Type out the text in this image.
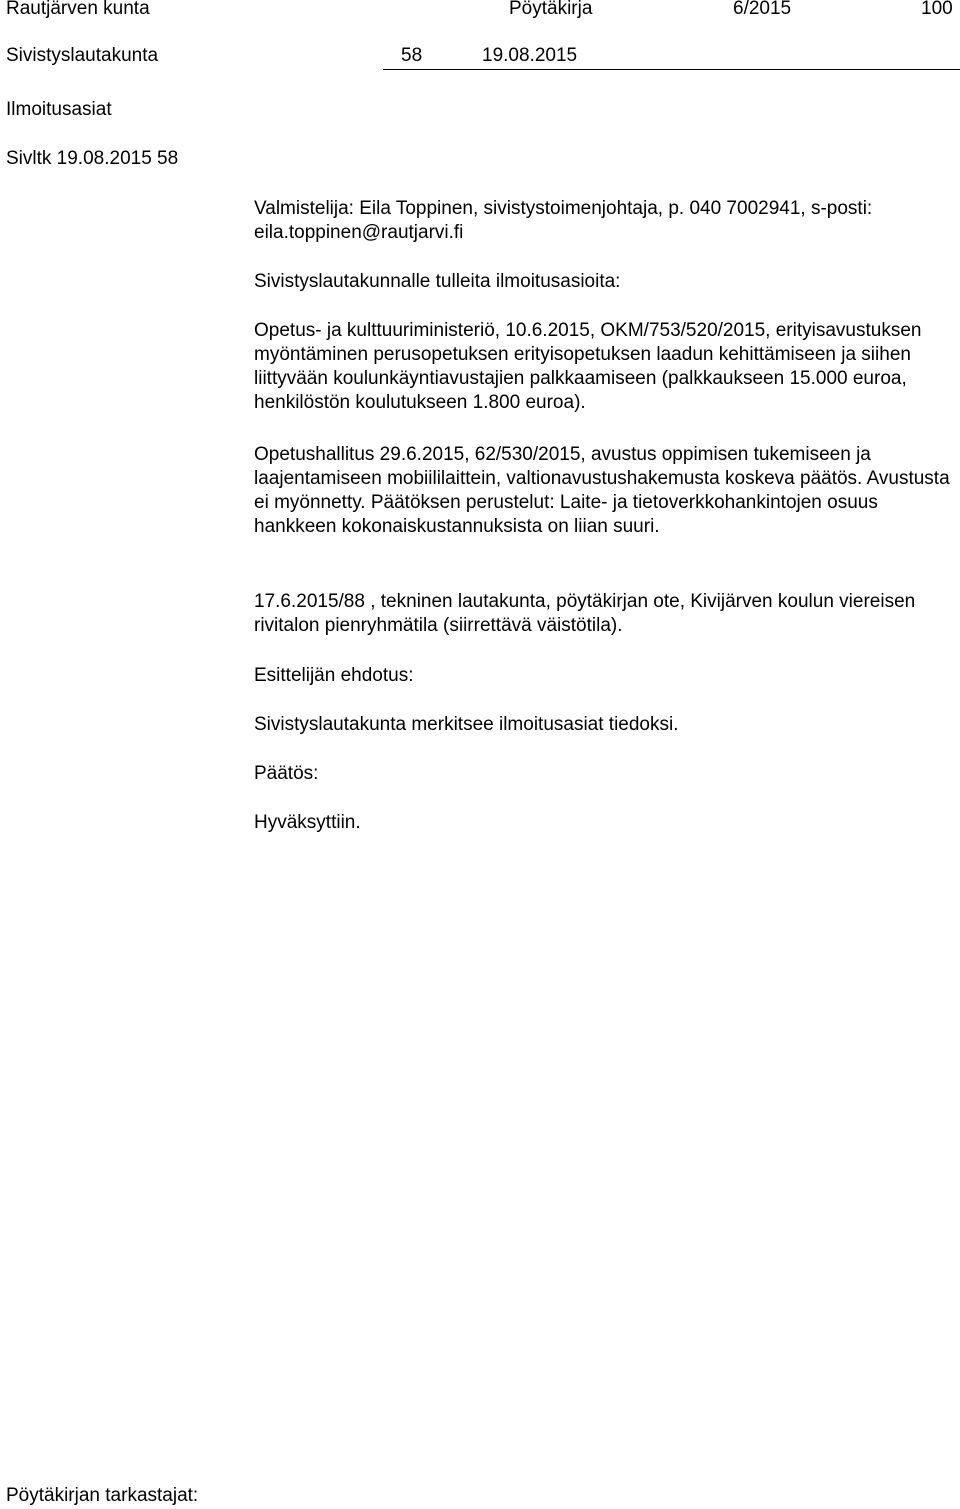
Rautjärven kunta	Pöytäkirja	6/2015	100
Sivistyslautakunta	58	19.08.2015
Ilmoitusasiat
Sivltk 19.08.2015 58

Valmistelija: Eila Toppinen, sivistystoimenjohtaja, p. 040 7002941, s-posti: eila.toppinen@rautjarvi.fi

Sivistyslautakunnalle tulleita ilmoitusasioita:

Opetus- ja kulttuuriministeriö, 10.6.2015, OKM/753/520/2015, erityisavustuksen myöntäminen perusopetuksen erityisopetuksen laadun kehittämiseen ja siihen liittyvään koulunkäyntiavustajien palkkaamiseen (palkkaukseen 15.000 euroa, henkilöstön koulutukseen 1.800 euroa).

Opetushallitus 29.6.2015, 62/530/2015, avustus oppimisen tukemiseen ja laajentamiseen mobiililaittein, valtionavustushakemusta koskeva päätös. Avustusta ei myönnetty. Päätöksen perustelut: Laite- ja tietoverkkohankintojen osuus hankkeen kokonaiskustannuksista on liian suuri.

17.6.2015/88 , tekninen lautakunta, pöytäkirjan ote, Kivijärven koulun viereisen rivitalon pienryhmätila (siirrettävä väistötila).

Esittelijän ehdotus:

Sivistyslautakunta merkitsee ilmoitusasiat tiedoksi.

Päätös:

Hyväksyttiin.

Pöytäkirjan tarkastajat:
